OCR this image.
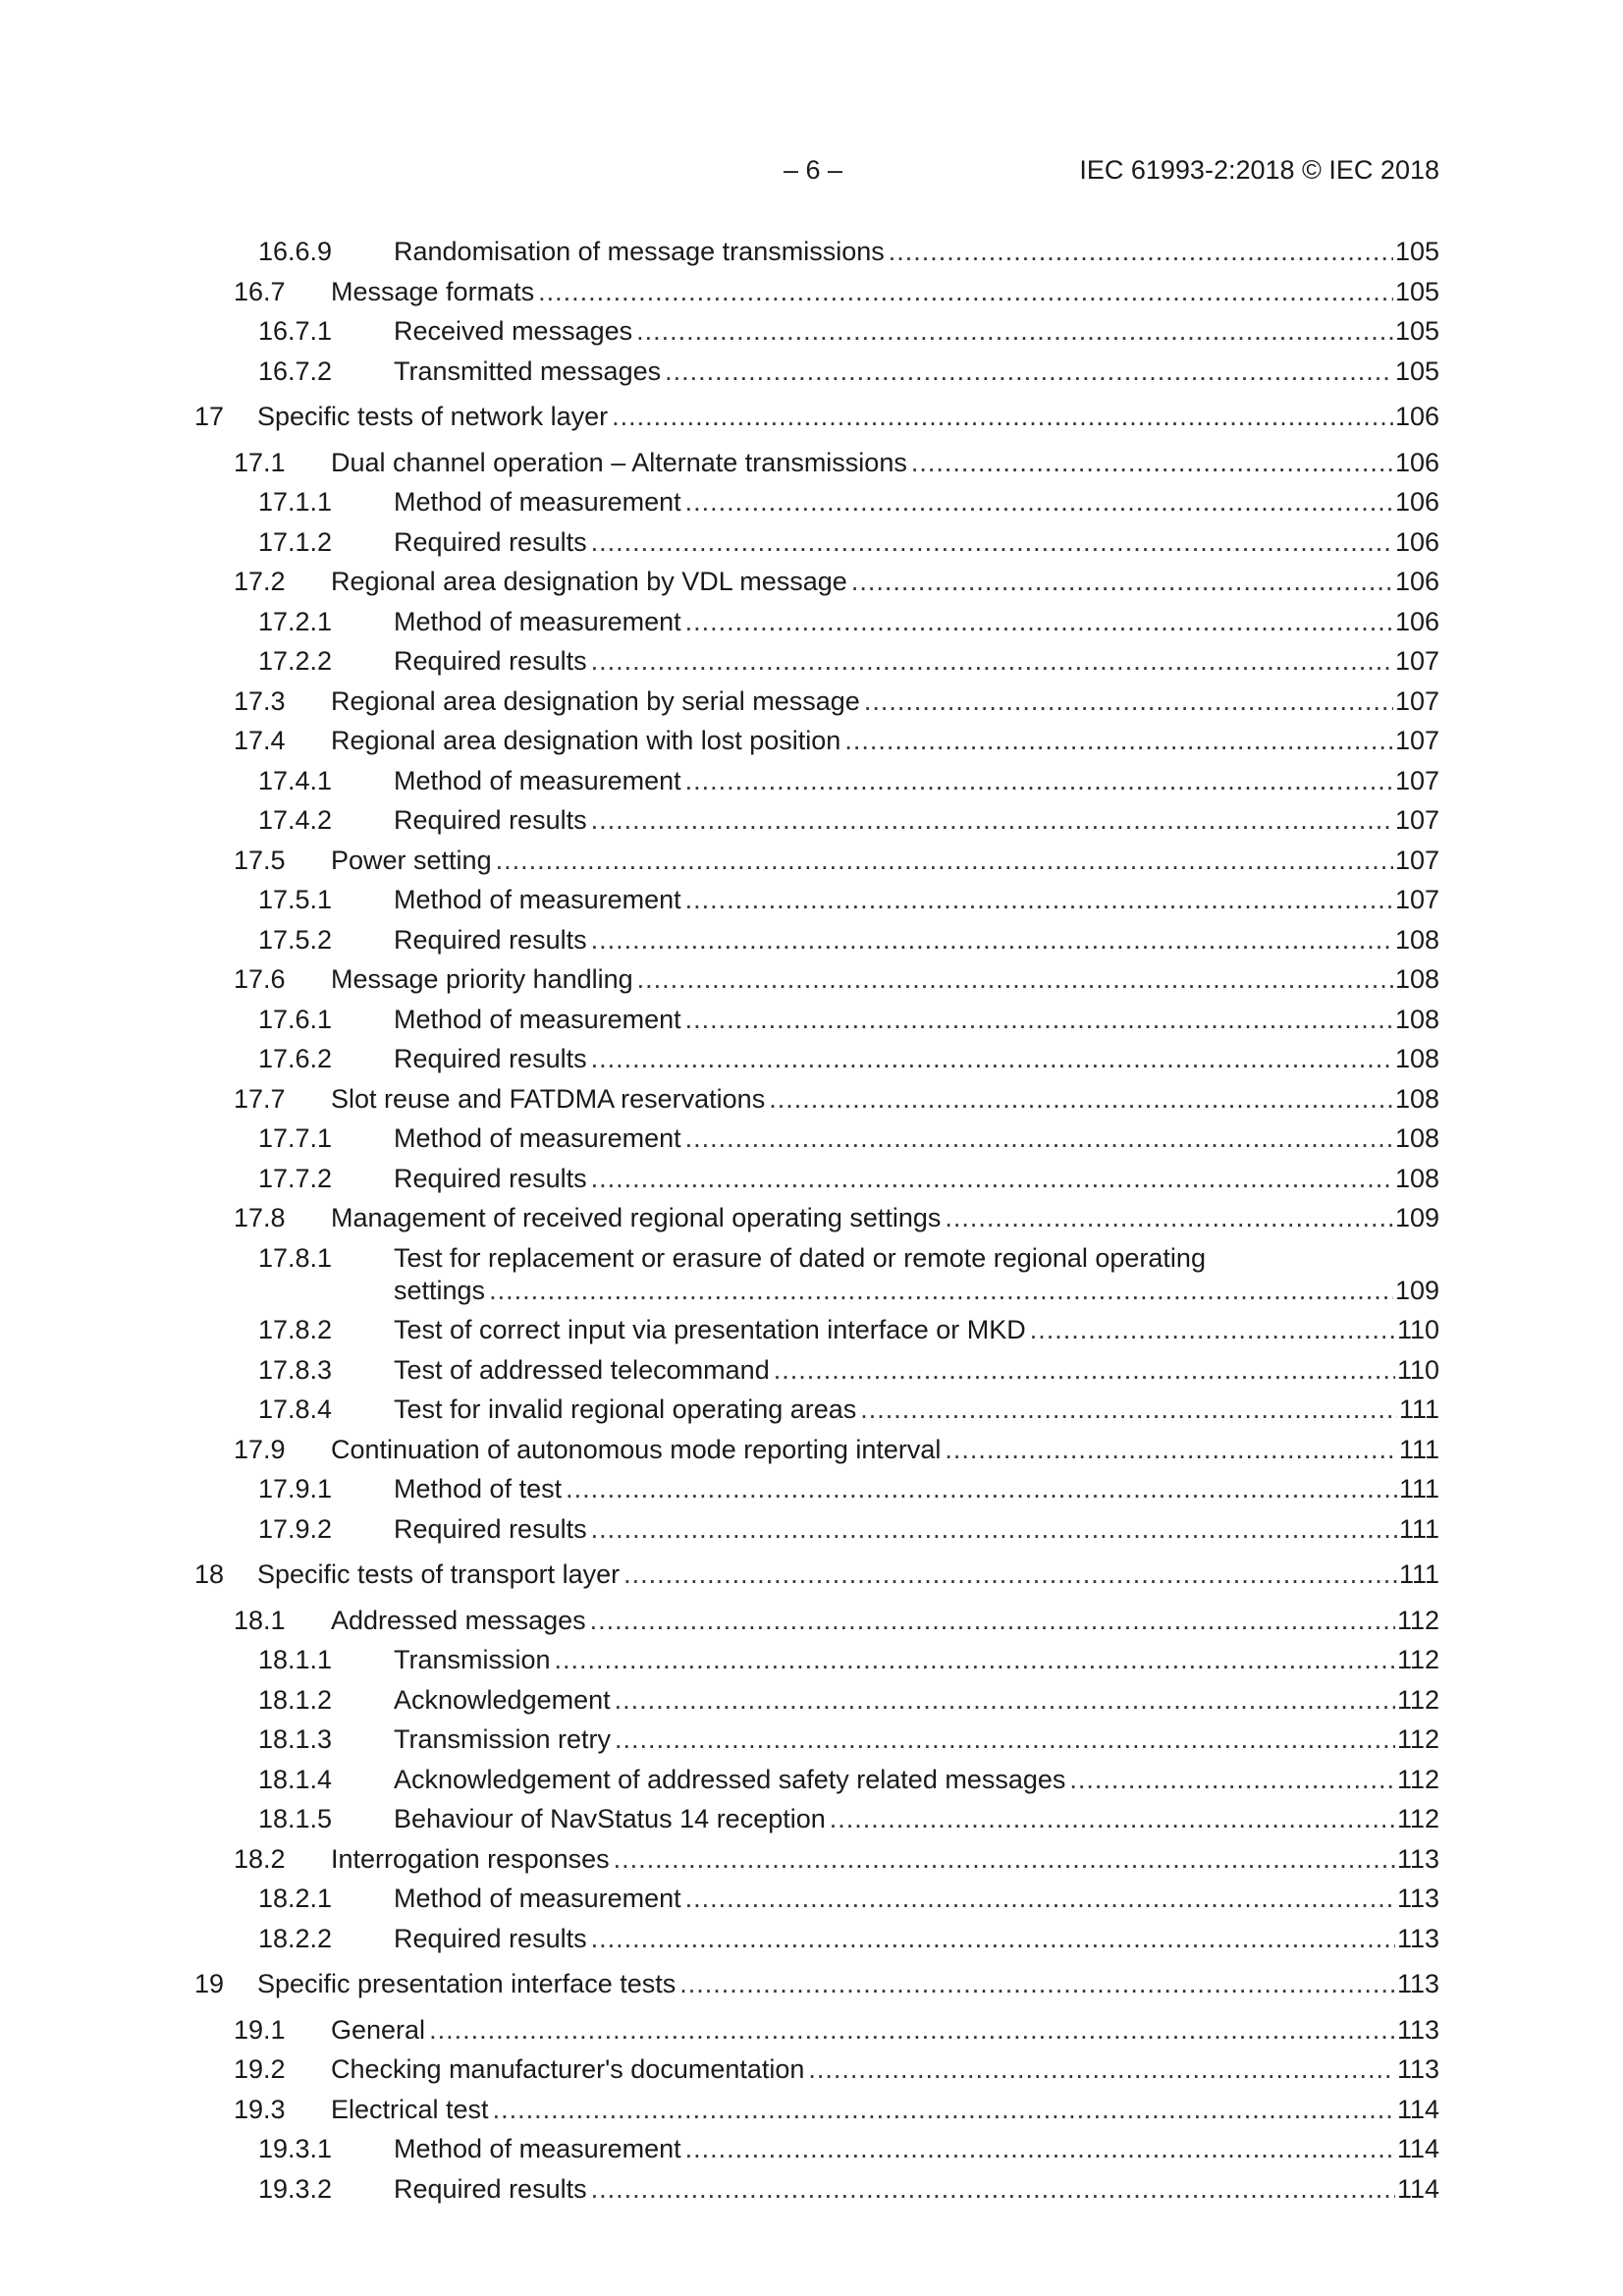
– 6 –	IEC 61993-2:2018 © IEC 2018
16.6.9 Randomisation of message transmissions .....	105
16.7 Message formats .....	105
16.7.1 Received messages .....	105
16.7.2 Transmitted messages .....	105
17 Specific tests of network layer .....	106
17.1 Dual channel operation – Alternate transmissions .....	106
17.1.1 Method of measurement .....	106
17.1.2 Required results .....	106
17.2 Regional area designation by VDL message .....	106
17.2.1 Method of measurement .....	106
17.2.2 Required results .....	107
17.3 Regional area designation by serial message .....	107
17.4 Regional area designation with lost position .....	107
17.4.1 Method of measurement .....	107
17.4.2 Required results .....	107
17.5 Power setting .....	107
17.5.1 Method of measurement .....	107
17.5.2 Required results .....	108
17.6 Message priority handling .....	108
17.6.1 Method of measurement .....	108
17.6.2 Required results .....	108
17.7 Slot reuse and FATDMA reservations .....	108
17.7.1 Method of measurement .....	108
17.7.2 Required results .....	108
17.8 Management of received regional operating settings .....	109
17.8.1 Test for replacement or erasure of dated or remote regional operating
settings .....	109
17.8.2 Test of correct input via presentation interface or MKD .....	110
17.8.3 Test of addressed telecommand .....	110
17.8.4 Test for invalid regional operating areas .....	111
17.9 Continuation of autonomous mode reporting interval .....	111
17.9.1 Method of test .....	111
17.9.2 Required results .....	111
18 Specific tests of transport layer .....	111
18.1 Addressed messages .....	112
18.1.1 Transmission .....	112
18.1.2 Acknowledgement .....	112
18.1.3 Transmission retry .....	112
18.1.4 Acknowledgement of addressed safety related messages .....	112
18.1.5 Behaviour of NavStatus 14 reception .....	112
18.2 Interrogation responses .....	113
18.2.1 Method of measurement .....	113
18.2.2 Required results .....	113
19 Specific presentation interface tests .....	113
19.1 General .....	113
19.2 Checking manufacturer's documentation .....	113
19.3 Electrical test .....	114
19.3.1 Method of measurement .....	114
19.3.2 Required results .....	114
